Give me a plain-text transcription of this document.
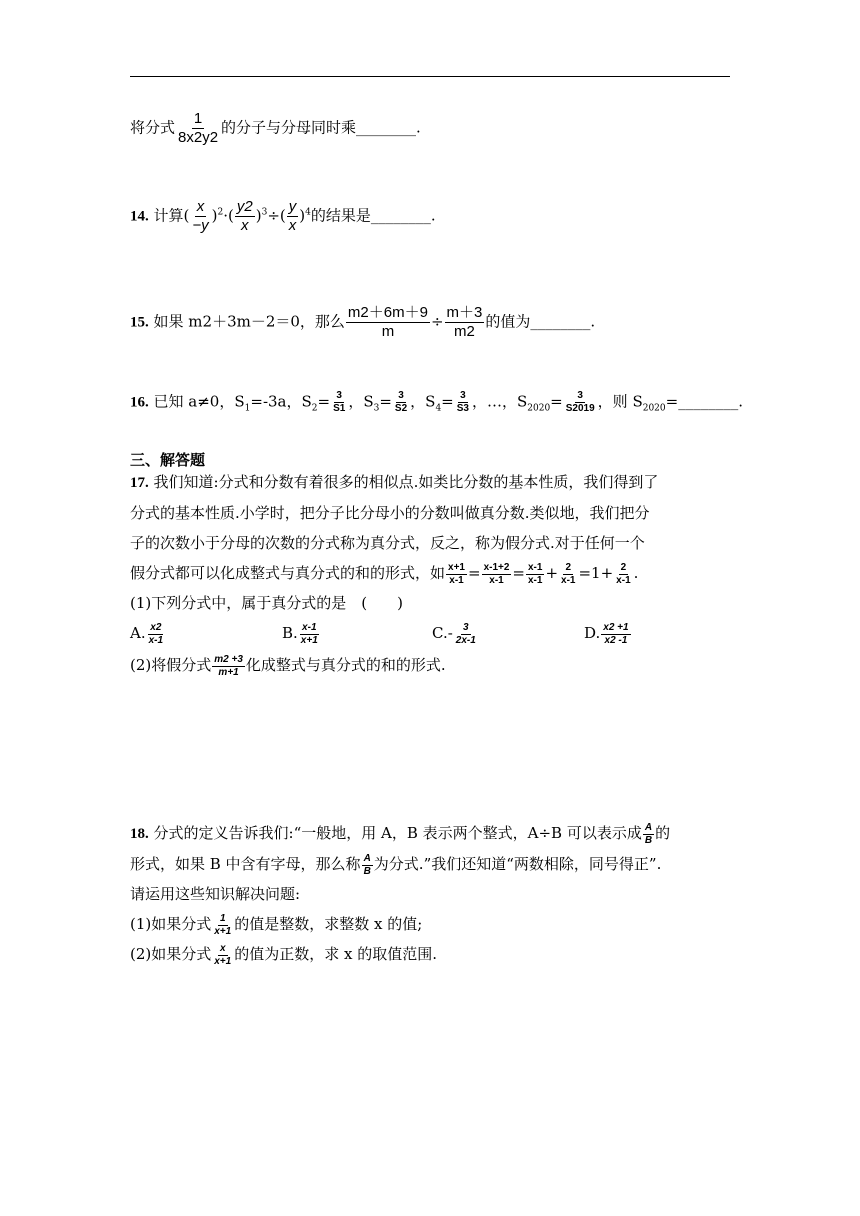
将分式 $\frac{1}{8x2y2}$ 的分子与分母同时乘________.
14. 计算( $\frac{x}{-y} )^2\cdot( \frac{y2}{x} )^3\div( \frac{y}{x} )^4$的结果是________.
15. 如果 m2＋3m－2＝0，那么 $\frac{m2+6m+9}{m} \div \frac{m+3}{m2}$ 的值为________.
16. 已知 a≠0，$S_1=-3a$，$S_2= \frac{3}{S1}$ ，$S_3= \frac{3}{S2}$ ，$S_4= \frac{3}{S3}$ ，…，$S_{2020}= \frac{3}{S2019}$ ，则 $S_{2020}=\_\_\_\_\_\_\_\_$.
三、解答题
17. 我们知道:分式和分数有着很多的相似点.如类比分数的基本性质，我们得到了
分式的基本性质.小学时，把分子比分母小的分数叫做真分数.类似地，我们把分
子的次数小于分母的次数的分式称为真分式，反之，称为假分式.对于任何一个
假分式都可以化成整式与真分式的和的形式，如 $\frac{x+1}{x-1} = \frac{x-1+2}{x-1} = \frac{x-1}{x-1} + \frac{2}{x-1} =1+ \frac{2}{x-1}$ .
(1)下列分式中，属于真分式的是　(　　)
A. $\frac{x2}{x-1}$	B. $\frac{x-1}{x+1}$	$C.- \frac{3}{2x-1}$	D. $\frac{x2 +1}{x2 -1}$
(2)将假分式 $\frac{m2 +3}{m+1}$ 化成整式与真分式的和的形式.
18. 分式的定义告诉我们:“一般地，用 A，B 表示两个整式，A÷B 可以表示成 $\frac{A}{B}$ 的
形式，如果 B 中含有字母，那么称 $\frac{A}{B}$ 为分式.”我们还知道“两数相除，同号得正”.
请运用这些知识解决问题:
(1)如果分式 $\frac{1}{x+1}$ 的值是整数，求整数 x 的值;
(2)如果分式 $\frac{x}{x+1}$ 的值为正数，求 x 的取值范围.
